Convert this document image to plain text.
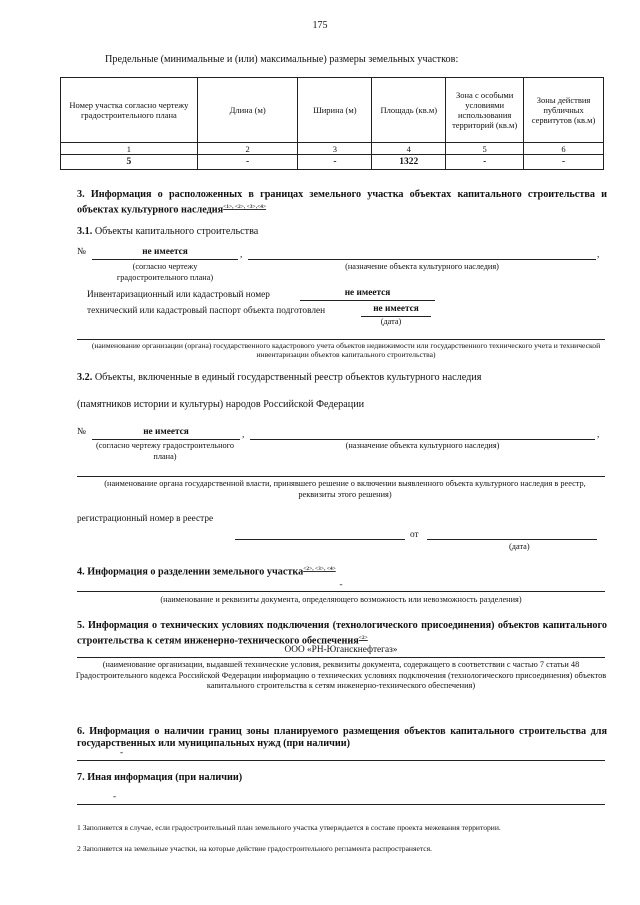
175
Предельные (минимальные и (или) максимальные) размеры земельных участков:
Номер участка согласно чертежу градостроительного плана	Длина (м)	Ширина (м)	Площадь (кв.м)	Зона с особыми условиями использования территорий (кв.м)	Зоны действия публичных сервитутов (кв.м)
1	2	3	4	5	6
5	-	-	1322	-	-
3. Информация о расположенных в границах земельного участка объектах капитального строительства и объектах культурного наследия$^{<1>, <2>, <3>,<4>}$
3.1. Объекты капитального строительства
№	не имеется	,	,
(согласно чертежу градостроительного плана)
(назначение объекта культурного наследия)
Инвентаризационный или кадастровый номер	не имеется
технический или кадастровый паспорт объекта подготовлен	не имеется
(дата)
(наименование организации (органа) государственного кадастрового учета объектов недвижимости или государственного технического учета и технической инвентаризации объектов капитального строительства)
3.2. Объекты, включенные в единый государственный реестр объектов культурного наследия
(памятников истории и культуры) народов Российской Федерации
№	не имеется	,	,
(согласно чертежу градостроительного плана)
(назначение объекта культурного наследия)
(наименование органа государственной власти, принявшего решение о включении выявленного объекта культурного наследия в реестр, реквизиты этого решения)
регистрационный номер в реестре
от
(дата)
4. Информация о разделении земельного участка$^{<2>, <3>, <4>}$
-
(наименование и реквизиты документа, определяющего возможность или невозможность разделения)
5. Информация о технических условиях подключения (технологического присоединения) объектов капитального строительства к сетям инженерно-технического обеспечения$^{<2>}$
ООО «РН-Юганскнефтегаз»
(наименование организации, выдавшей технические условия, реквизиты документа, содержащего в соответствии с частью 7 статьи 48 Градостроительного кодекса Российской Федерации информацию о технических условиях подключения (технологического присоединения) объектов капитального строительства к сетям инженерно-технического обеспечения)
6. Информация о наличии границ зоны планируемого размещения объектов капитального строительства для государственных или муниципальных нужд (при наличии)
-
7. Иная информация (при наличии)
-
1 Заполняется в случае, если градостроительный план земельного участка утверждается в составе проекта межевания территории.
2 Заполняется на земельные участки, на которые действие градостроительного регламента распространяется.
